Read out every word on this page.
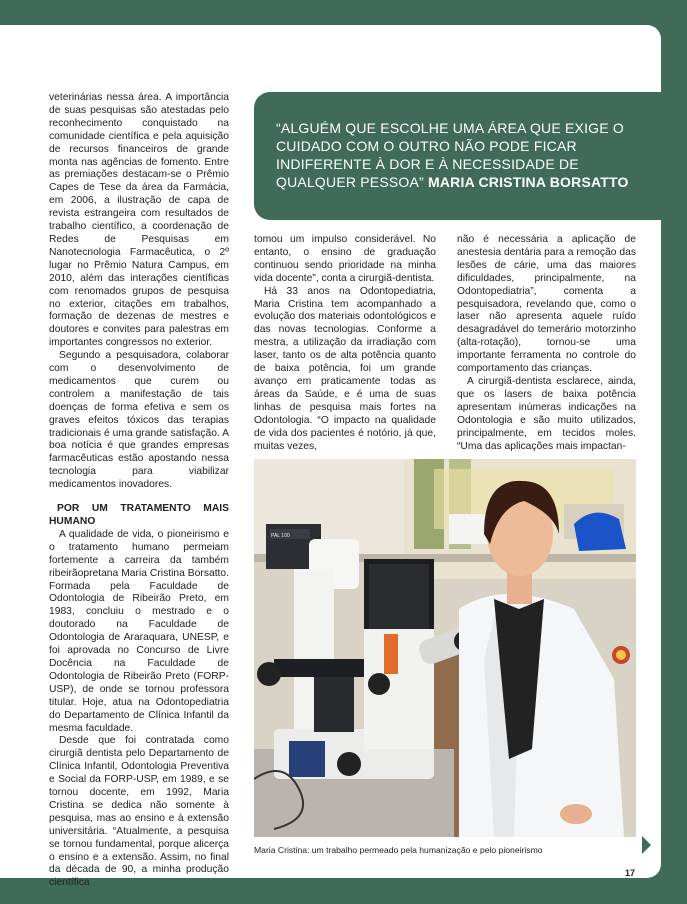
“ALGUÉM QUE ESCOLHE UMA ÁREA QUE EXIGE O CUIDADO COM O OUTRO NÃO PODE FICAR INDIFERENTE À DOR E À NECESSIDADE DE QUALQUER PESSOA” MARIA CRISTINA BORSATTO

veterinárias nessa área. A importância de suas pesquisas são atestadas pelo reconhecimento conquistado na comunidade científica e pela aquisição de recursos financeiros de grande monta nas agências de fomento. Entre as premiações destacam-se o Prêmio Capes de Tese da área da Farmácia, em 2006, a ilustração de capa de revista estrangeira com resultados de trabalho científico, a coordenação de Redes de Pesquisas em Nanotecnologia Farmacêutica, o 2º lugar no Prêmio Natura Campus, em 2010, além das interações científicas com renomados grupos de pesquisa no exterior, citações em trabalhos, formação de dezenas de mestres e doutores e convites para palestras em importantes congressos no exterior.

Segundo a pesquisadora, colaborar com o desenvolvimento de medicamentos que curem ou controlem a manifestação de tais doenças de forma efetiva e sem os graves efeitos tóxicos das terapias tradicionais é uma grande satisfação. A boa notícia é que grandes empresas farmacêuticas estão apostando nessa tecnologia para viabilizar medicamentos inovadores.

POR UM TRATAMENTO MAIS HUMANO

A qualidade de vida, o pioneirismo e o tratamento humano permeiam fortemente a carreira da também ribeirãopretana Maria Cristina Borsatto. Formada pela Faculdade de Odontologia de Ribeirão Preto, em 1983, concluiu o mestrado e o doutorado na Faculdade de Odontologia de Araraquara, UNESP, e foi aprovada no Concurso de Livre Docência na Faculdade de Odontologia de Ribeirão Preto (FORP-USP), de onde se tornou professora titular. Hoje, atua na Odontopediatria do Departamento de Clínica Infantil da mesma faculdade.

Desde que foi contratada como cirurgiã dentista pelo Departamento de Clínica Infantil, Odontologia Preventiva e Social da FORP-USP, em 1989, e se tornou docente, em 1992, Maria Cristina se dedica não somente à pesquisa, mas ao ensino e à extensão universitária. “Atualmente, a pesquisa se tornou fundamental, porque alicerça o ensino e a extensão. Assim, no final da década de 90, a minha produção científica

tomou um impulso considerável. No entanto, o ensino de graduação continuou sendo prioridade na minha vida docente”, conta a cirurgiã-dentista.

Há 33 anos na Odontopediatria, Maria Cristina tem acompanhado a evolução dos materiais odontológicos e das novas tecnologias. Conforme a mestra, a utilização da irradiação com laser, tanto os de alta potência quanto de baixa potência, foi um grande avanço em praticamente todas as áreas da Saúde, e é uma de suas linhas de pesquisa mais fortes na Odontologia. “O impacto na qualidade de vida dos pacientes é notório, já que, muitas vezes,

não é necessária a aplicação de anestesia dentária para a remoção das lesões de cárie, uma das maiores dificuldades, principalmente, na Odontopediatria”, comenta a pesquisadora, revelando que, como o laser não apresenta aquele ruído desagradável do temerário motorzinho (alta-rotação), tornou-se uma importante ferramenta no controle do comportamento das crianças.

A cirurgiã-dentista esclarece, ainda, que os lasers de baixa potência apresentam inúmeras indicações na Odontologia e são muito utilizados, principalmente, em tecidos moles. “Uma das aplicações mais impactan-

PAL 100
Maria Cristina: um trabalho permeado pela humanização e pelo pioneirismo
17
